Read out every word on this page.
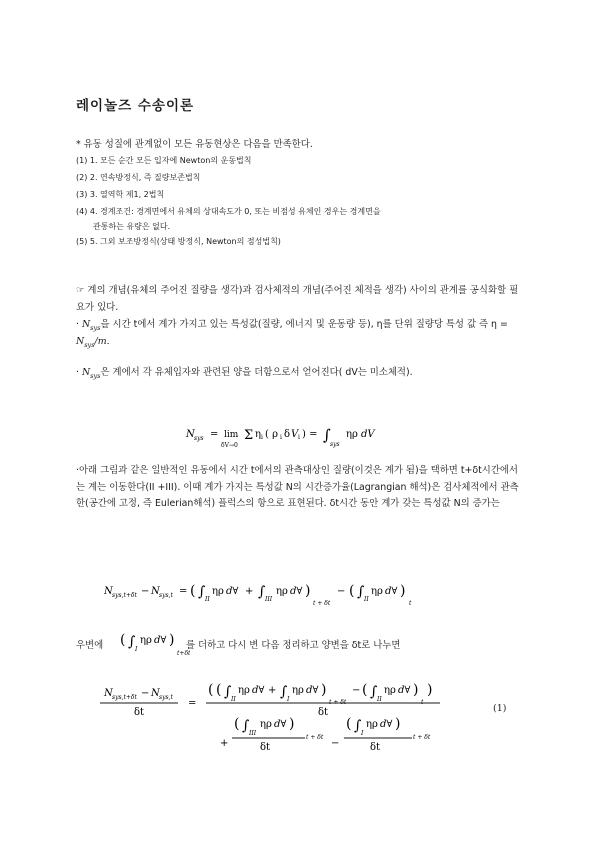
레이놀즈 수송이론
* 유동 성질에 관계없이 모든 유동현상은 다음을 만족한다.
(1) 1. 모든 순간 모든 입자에 Newton의 운동법칙
(2) 2. 연속방정식, 즉 질량보존법칙
(3) 3. 열역학 제1, 2법칙
(4) 4. 경계조건: 경계면에서 유체의 상대속도가 0, 또는 비점성 유체인 경우는 경계면을
관통하는 유량은 없다.
(5) 5. 그외 보조방정식(상태 방정식, Newton의 점성법칙)
☞ 계의 개념(유체의 주어진 질량을 생각)과 검사체적의 개념(주어진 체적을 생각) 사이의 관계를 공식화할 필요가 있다.
· $N_{sys}$을 시간 t에서 계가 가지고 있는 특성값(질량, 에너지 및 운동량 등), η를 단위 질량당 특성 값 즉 $\eta = N_{sys}/m$.
· $N_{sys}$은 계에서 각 유체입자와 관련된 양을 더함으로서 얻어진다( dV는 미소체적).
N sys = lim
δV→0
Σ η i ( ρ i δ V i ) = ∫
sys
ηρ dV
·아래 그림과 같은 일반적인 유동에서 시간 t에서의 관측대상인 질량(이것은 계가 됨)을 택하면 t+δt시간에서는 계는 이동한다(II +III). 이때 계가 가지는 특성값 N의 시간증가율(Lagrangian 해석)은 검사체적에서 관측한(공간에 고정, 즉 Eulerian해석) 플럭스의 항으로 표현된다. δt시간 동안 계가 갖는 특성값 N의 증가는
N sys,t+δt − N sys,t = ( ∫ II
ηρ d∀ + ∫ III
ηρ d∀ )
t + δt
− ( ∫ II
ηρ d∀ )
t
우변에 ( ∫ I
ηρ d∀ )
t+δt
를 더하고 다시 변 다음 정리하고 양변을 δt로 나누면
N sys,t+δt − N sys,t
δt
=
( ( ∫ II
ηρ d∀ + ∫ I
ηρ d∀ )
t + δt
− ( ∫ II
ηρ d∀ )
t
)
δt
+
( ∫ III
ηρ d∀ )
δt
t + δt
−
( ∫ I
ηρ d∀ )
δt
t + δt
(1)
